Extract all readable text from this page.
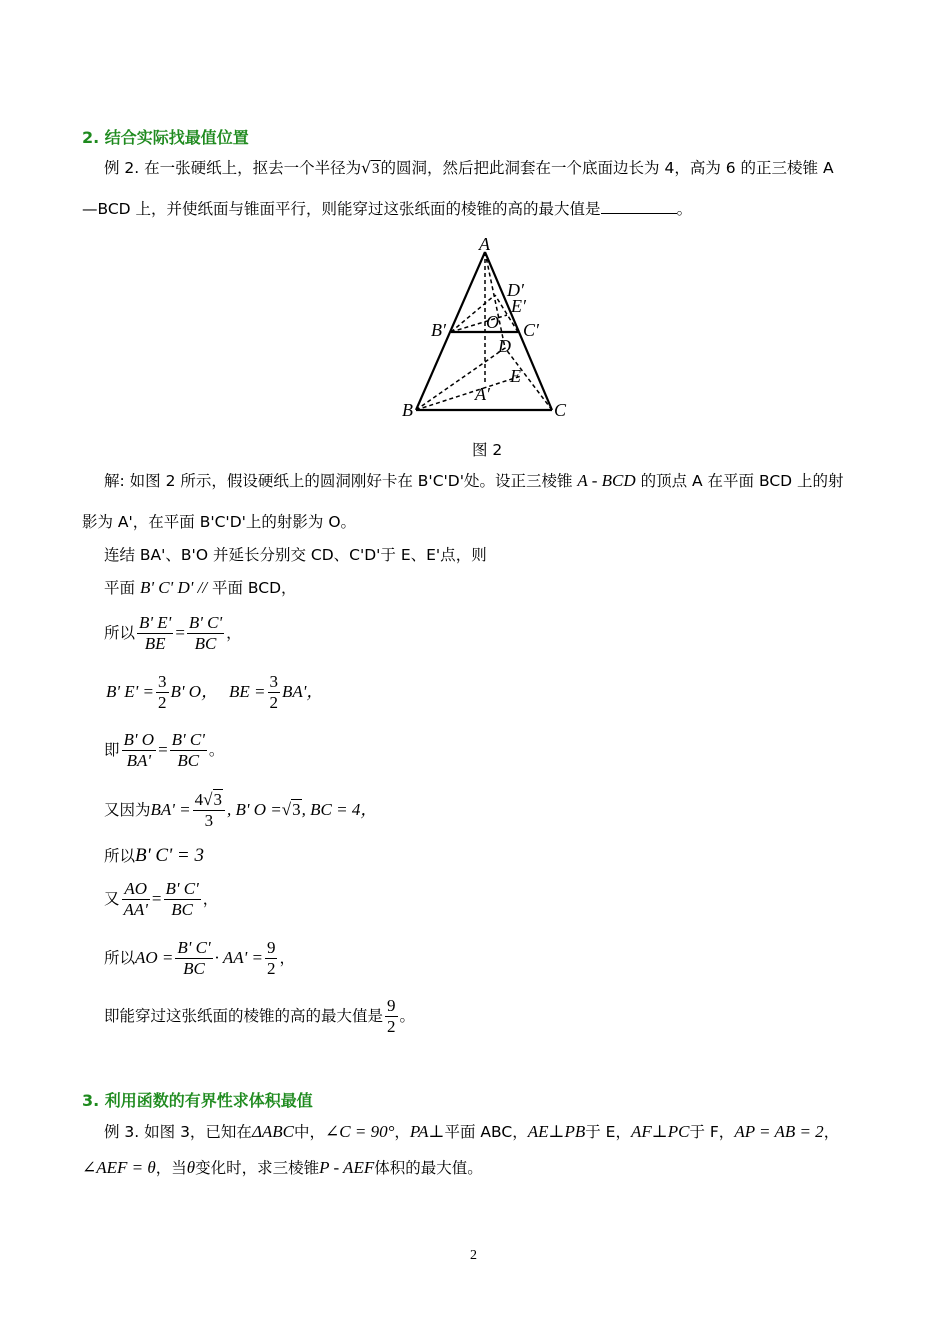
2. 结合实际找最值位置
例 2. 在一张硬纸上，抠去一个半径为√3的圆洞，然后把此洞套在一个底面边长为 4，高为 6 的正三棱锥 A
—BCD 上，并使纸面与锥面平行，则能穿过这张纸面的棱锥的高的最大值是	。
A
D′
E′
O
B′	C′
D
E
A′
B	C
图 2
解: 如图 2 所示，假设硬纸上的圆洞刚好卡在 B'C'D'处。设正三棱锥 A - BCD 的顶点 A 在平面 BCD 上的射
影为 A'，在平面 B'C'D'上的射影为 O。
连结 BA'、B'O 并延长分别交 CD、C'D'于 E、E'点，则
平面 B' C' D' // 平面 BCD，
所以 $\frac{B' E'}{BE} = \frac{B' C'}{BC}$ ，
B' $E' = \frac{3}{2} B'$ O， BE = $\frac{3}{2} BA'$，
即 $\frac{B' O}{BA'} = \frac{B' C'}{BC}$ 。
又因为$BA' = \frac{4√3}{3}$ , B' O =√3, BC = 4，
所以B' C' = 3
又 $\frac{AO}{AA'} = \frac{B' C'}{BC}$ ，
所以AO = $\frac{B' C'}{BC} \cdot AA' = \frac{9}{2}$ ，
即能穿过这张纸面的棱锥的高的最大值是 $\frac{9}{2}$ 。
3. 利用函数的有界性求体积最值
例 3. 如图 3，已知在ΔABC中，∠C = 90°，PA⊥平面 ABC，AE⊥PB于 E，AF⊥PC于 F，AP = AB = 2，
∠AEF = θ，当θ变化时，求三棱锥P - AEF体积的最大值。
2
